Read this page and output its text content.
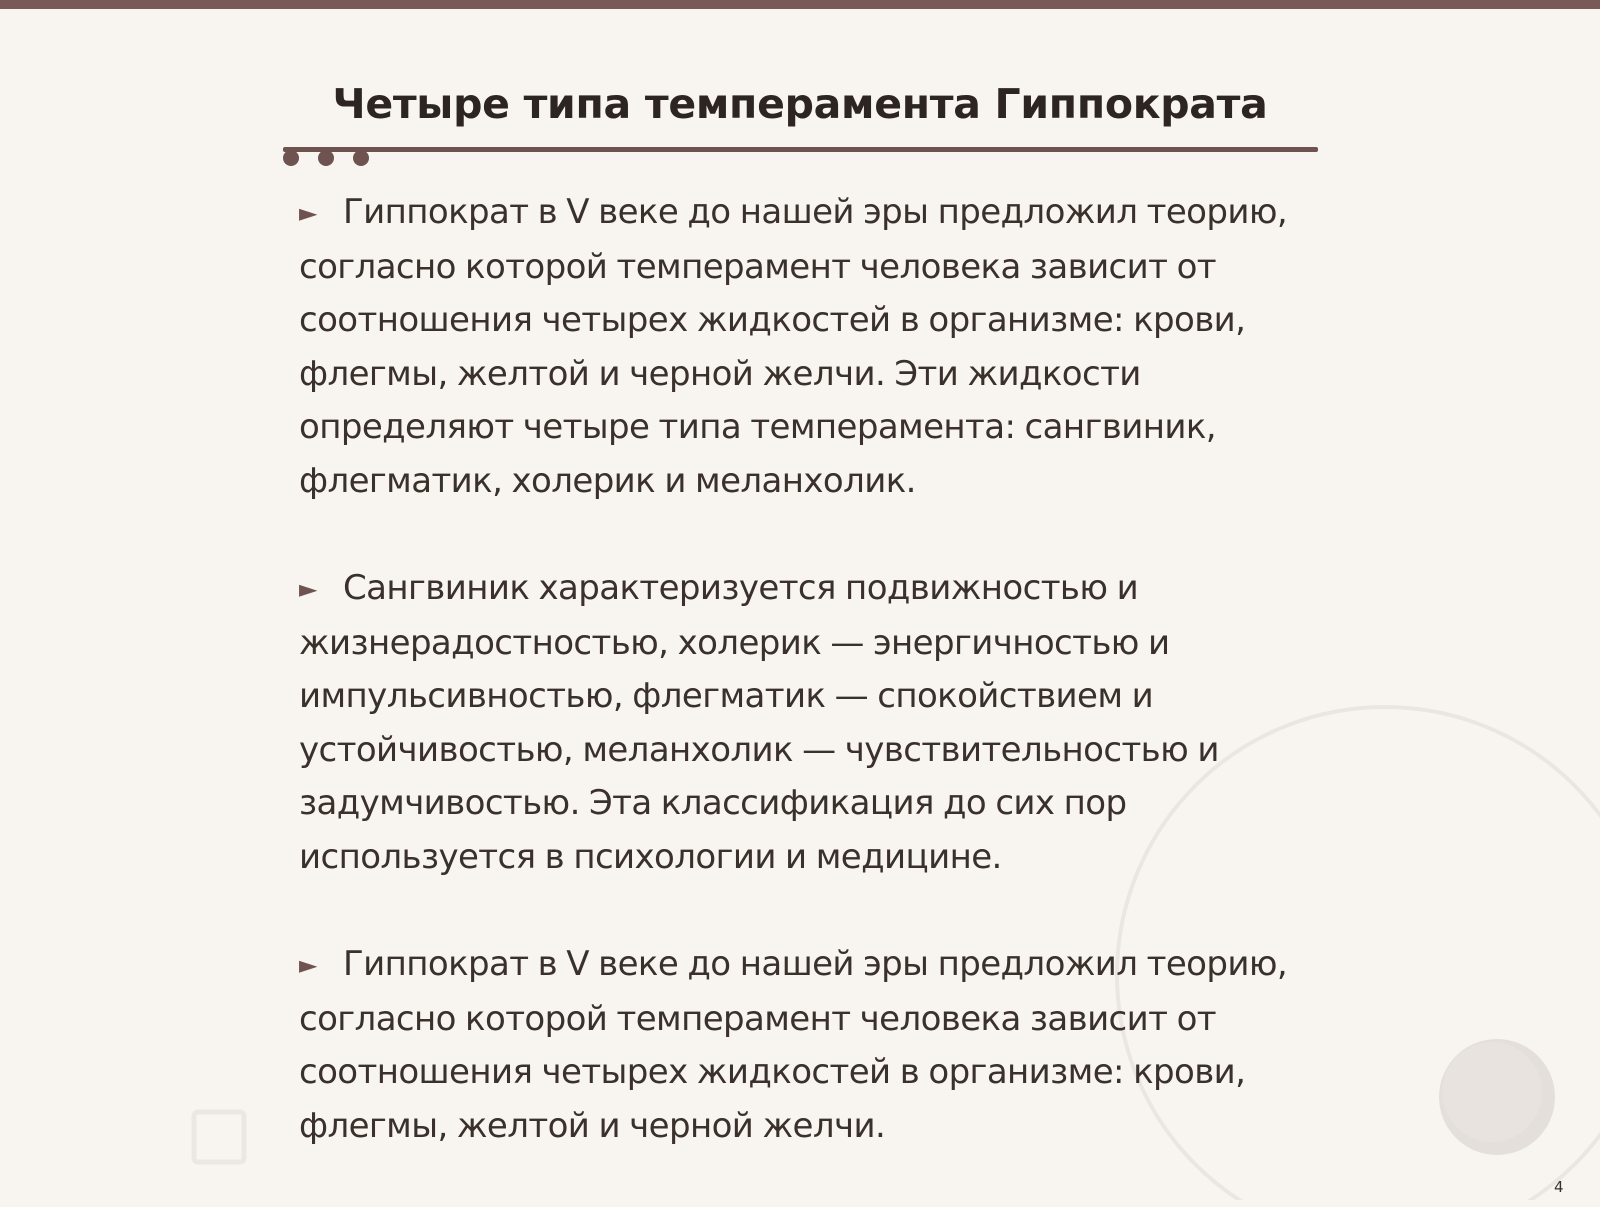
Четыре типа темперамента Гиппократа

► Гиппократ в V веке до нашей эры предложил теорию, согласно которой темперамент человека зависит от соотношения четырех жидкостей в организме: крови, флегмы, желтой и черной желчи. Эти жидкости определяют четыре типа темперамента: сангвиник, флегматик, холерик и меланхолик.

► Сангвиник характеризуется подвижностью и жизнерадостностью, холерик — энергичностью и импульсивностью, флегматик — спокойствием и устойчивостью, меланхолик — чувствительностью и задумчивостью. Эта классификация до сих пор используется в психологии и медицине.

► Гиппократ в V веке до нашей эры предложил теорию, согласно которой темперамент человека зависит от соотношения четырех жидкостей в организме: крови, флегмы, желтой и черной желчи.

4
